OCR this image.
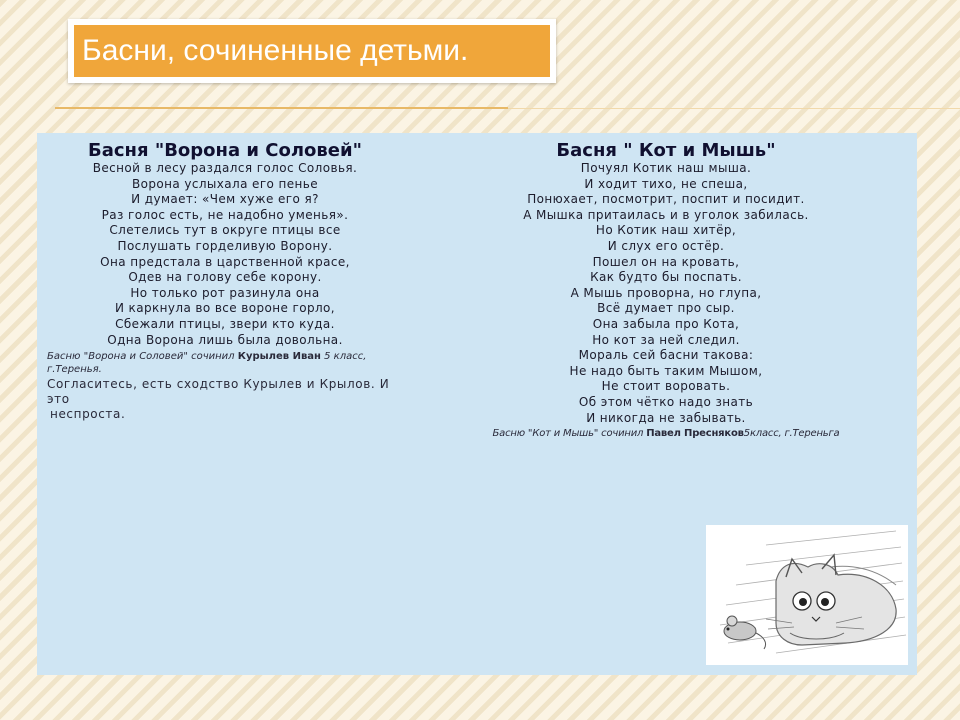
Басни, сочиненные детьми.
Басня "Ворона и Соловей"
Весной в лесу раздался голос Соловья.
Ворона услыхала его пенье
И думает: «Чем хуже его я?
Раз голос есть, не надобно уменья».
Слетелись тут в округе птицы все
Послушать горделивую Ворону.
Она предстала в царственной красе,
Одев на голову себе корону.
Но только рот разинула она
И каркнула во все вороне горло,
Сбежали птицы, звери кто куда.
Одна Ворона лишь была довольна.
Басню "Ворона и Соловей" сочинил Курылев Иван 5 класс, г.Теренья.
Согласитесь, есть сходство Курылев и Крылов. И это
неспроста.
Басня " Кот и Мышь"
Почуял Котик наш мыша.
И ходит тихо, не спеша,
Понюхает, посмотрит, поспит и посидит.
А Мышка притаилась и в уголок забилась.
Но Котик наш хитёр,
И слух его остёр.
Пошел он на кровать,
Как будто бы поспать.
А Мышь проворна, но глупа,
Всё думает про сыр.
Она забыла про Кота,
Но кот за ней следил.
Мораль сей басни такова:
Не надо быть таким Мышом,
Не стоит воровать.
Об этом чётко надо знать
И никогда не забывать.
Басню "Кот и Мышь" сочинил Павел Пресняков5класс, г.Тереньга
